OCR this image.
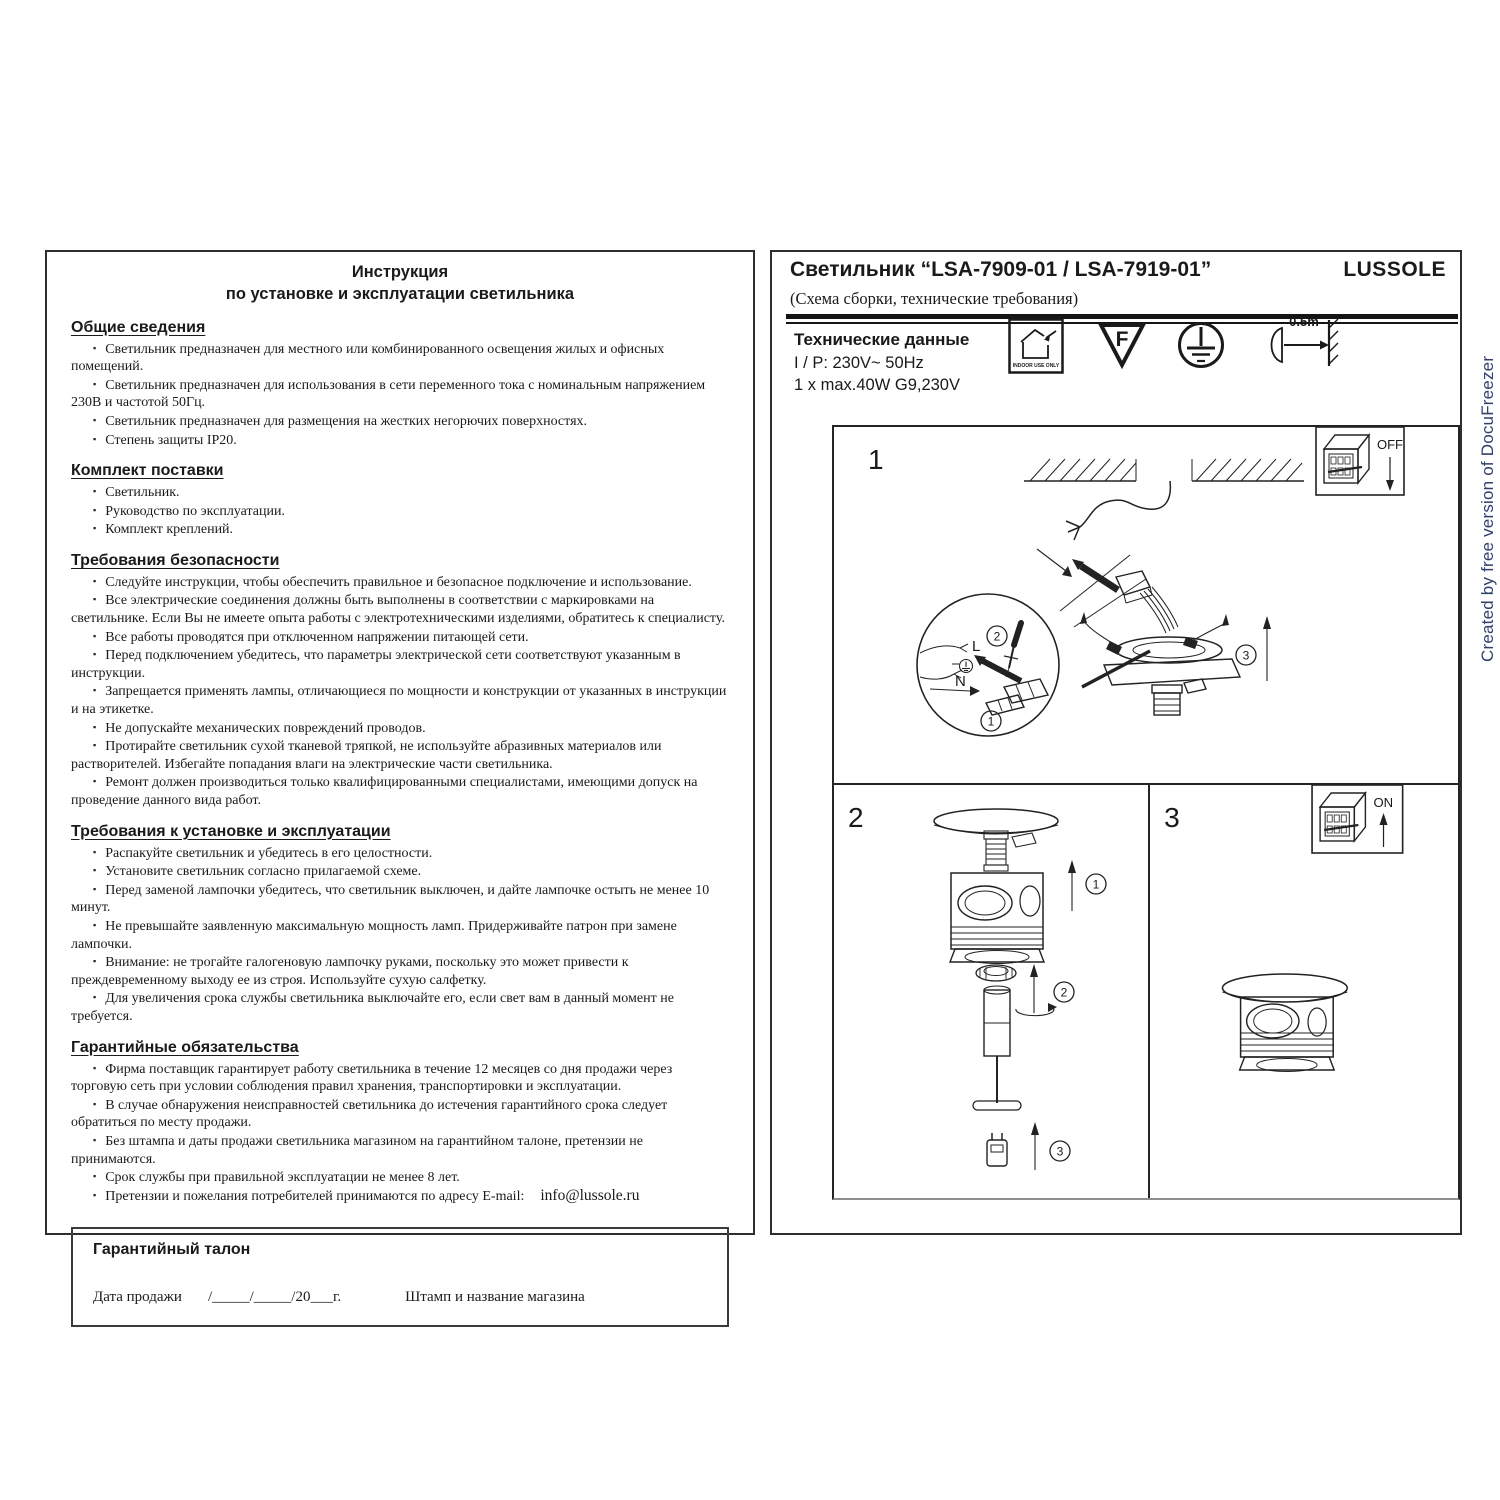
Инструкция
по установке и эксплуатации светильника
Общие сведения
▪ Светильник предназначен для местного или комбинированного освещения жилых и офисных помещений.
▪ Светильник предназначен для использования в сети переменного тока с номинальным напряжением 230В и частотой 50Гц.
▪ Светильник предназначен для размещения на жестких негорючих поверхностях.
▪ Степень защиты IP20.
Комплект поставки
▪ Светильник.
▪ Руководство по эксплуатации.
▪ Комплект креплений.
Требования безопасности
▪ Следуйте инструкции, чтобы обеспечить правильное и безопасное подключение и использование.
▪ Все электрические соединения должны быть выполнены в соответствии с маркировками на светильнике. Если Вы не имеете опыта работы с электротехническими изделиями, обратитесь к специалисту.
▪ Все работы проводятся при отключенном напряжении питающей сети.
▪ Перед подключением убедитесь, что параметры электрической сети соответствуют указанным в инструкции.
▪ Запрещается применять лампы, отличающиеся по мощности и конструкции от указанных в инструкции и на этикетке.
▪ Не допускайте механических повреждений проводов.
▪ Протирайте светильник сухой тканевой тряпкой, не используйте абразивных материалов или растворителей. Избегайте попадания влаги на электрические части светильника.
▪ Ремонт должен производиться только квалифицированными специалистами, имеющими допуск на проведение данного вида работ.
Требования к установке и эксплуатации
▪ Распакуйте светильник и убедитесь в его целостности.
▪ Установите светильник согласно прилагаемой схеме.
▪ Перед заменой лампочки убедитесь, что светильник выключен, и дайте лампочке остыть не менее 10 минут.
▪ Не превышайте заявленную максимальную мощность ламп. Придерживайте патрон при замене лампочки.
▪ Внимание: не трогайте галогеновую лампочку руками, поскольку это может привести к преждевременному выходу ее из строя. Используйте сухую салфетку.
▪ Для увеличения срока службы светильника выключайте его, если свет вам в данный момент не требуется.
Гарантийные обязательства
▪ Фирма поставщик гарантирует работу светильника в течение 12 месяцев со дня продажи через торговую сеть при условии соблюдения правил хранения, транспортировки и эксплуатации.
▪ В случае обнаружения неисправностей светильника до истечения гарантийного срока следует обратиться по месту продажи.
▪ Без штампа и даты продажи светильника магазином на гарантийном талоне, претензии не принимаются.
▪ Срок службы при правильной эксплуатации не менее 8 лет.
▪ Претензии и пожелания потребителей принимаются по адресу E-mail: info@lussole.ru
Гарантийный талон
Дата продажи /_____/_____/20___г.	Штамп и название магазина
Светильник “LSA-7909-01 / LSA-7919-01”	LUSSOLE
(Схема сборки, технические требования)
Технические данные
I / P: 230V~ 50Hz
1 x max.40W G9,230V
INDOOR USE ONLY
F
0.5m
1	OFF
L
N
2
1
3
2
1
2
3
3	ON
Created by free version of DocuFreezer
